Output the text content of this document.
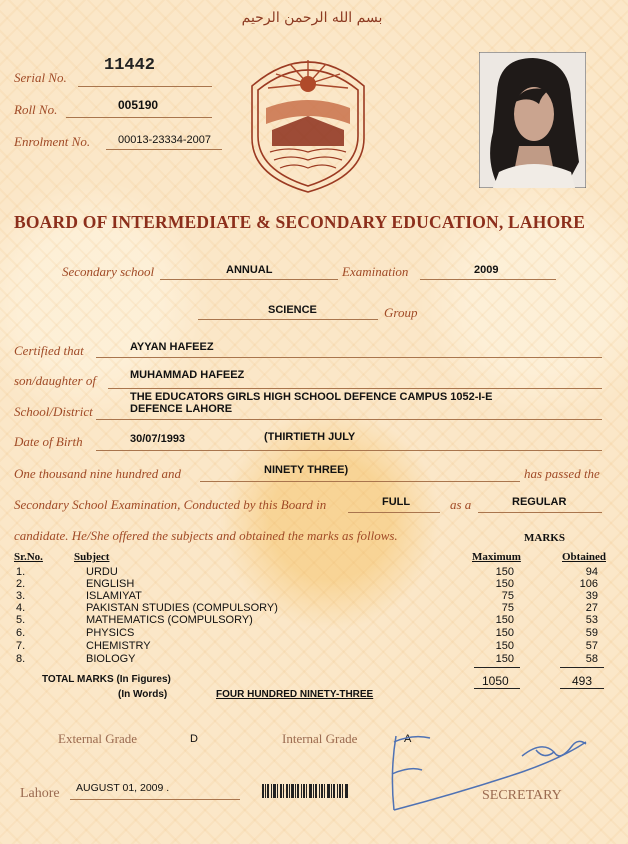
بسم الله الرحمن الرحيم
Serial No.
11442
Roll No.	005190
Enrolment No.	00013-23334-2007
BOARD OF INTERMEDIATE & SECONDARY EDUCATION, LAHORE
Secondary school	ANNUAL	Examination	2009
SCIENCE	Group
Certified that	AYYAN HAFEEZ
son/daughter of	MUHAMMAD HAFEEZ
THE EDUCATORS GIRLS HIGH SCHOOL DEFENCE CAMPUS 1052-I-E
School/District	DEFENCE LAHORE
Date of Birth	30/07/1993	(THIRTIETH JULY
One thousand nine hundred and	NINETY THREE)	has passed the
Secondary School Examination, Conducted by this Board in	FULL	as a	REGULAR
candidate. He/She offered the subjects and obtained the marks as follows.	MARKS
Sr.No.	Subject	Maximum	Obtained
1.	URDU	150	94
2.	ENGLISH	150	106
3.	ISLAMIYAT	75	39
4.	PAKISTAN STUDIES (COMPULSORY)	75	27
5.	MATHEMATICS (COMPULSORY)	150	53
6.	PHYSICS	150	59
7.	CHEMISTRY	150	57
8.	BIOLOGY	150	58
TOTAL MARKS (In Figures)	1050	493
(In Words)	FOUR HUNDRED NINETY-THREE
External Grade	D	Internal Grade	A
Lahore AUGUST 01, 2009 .	SECRETARY
